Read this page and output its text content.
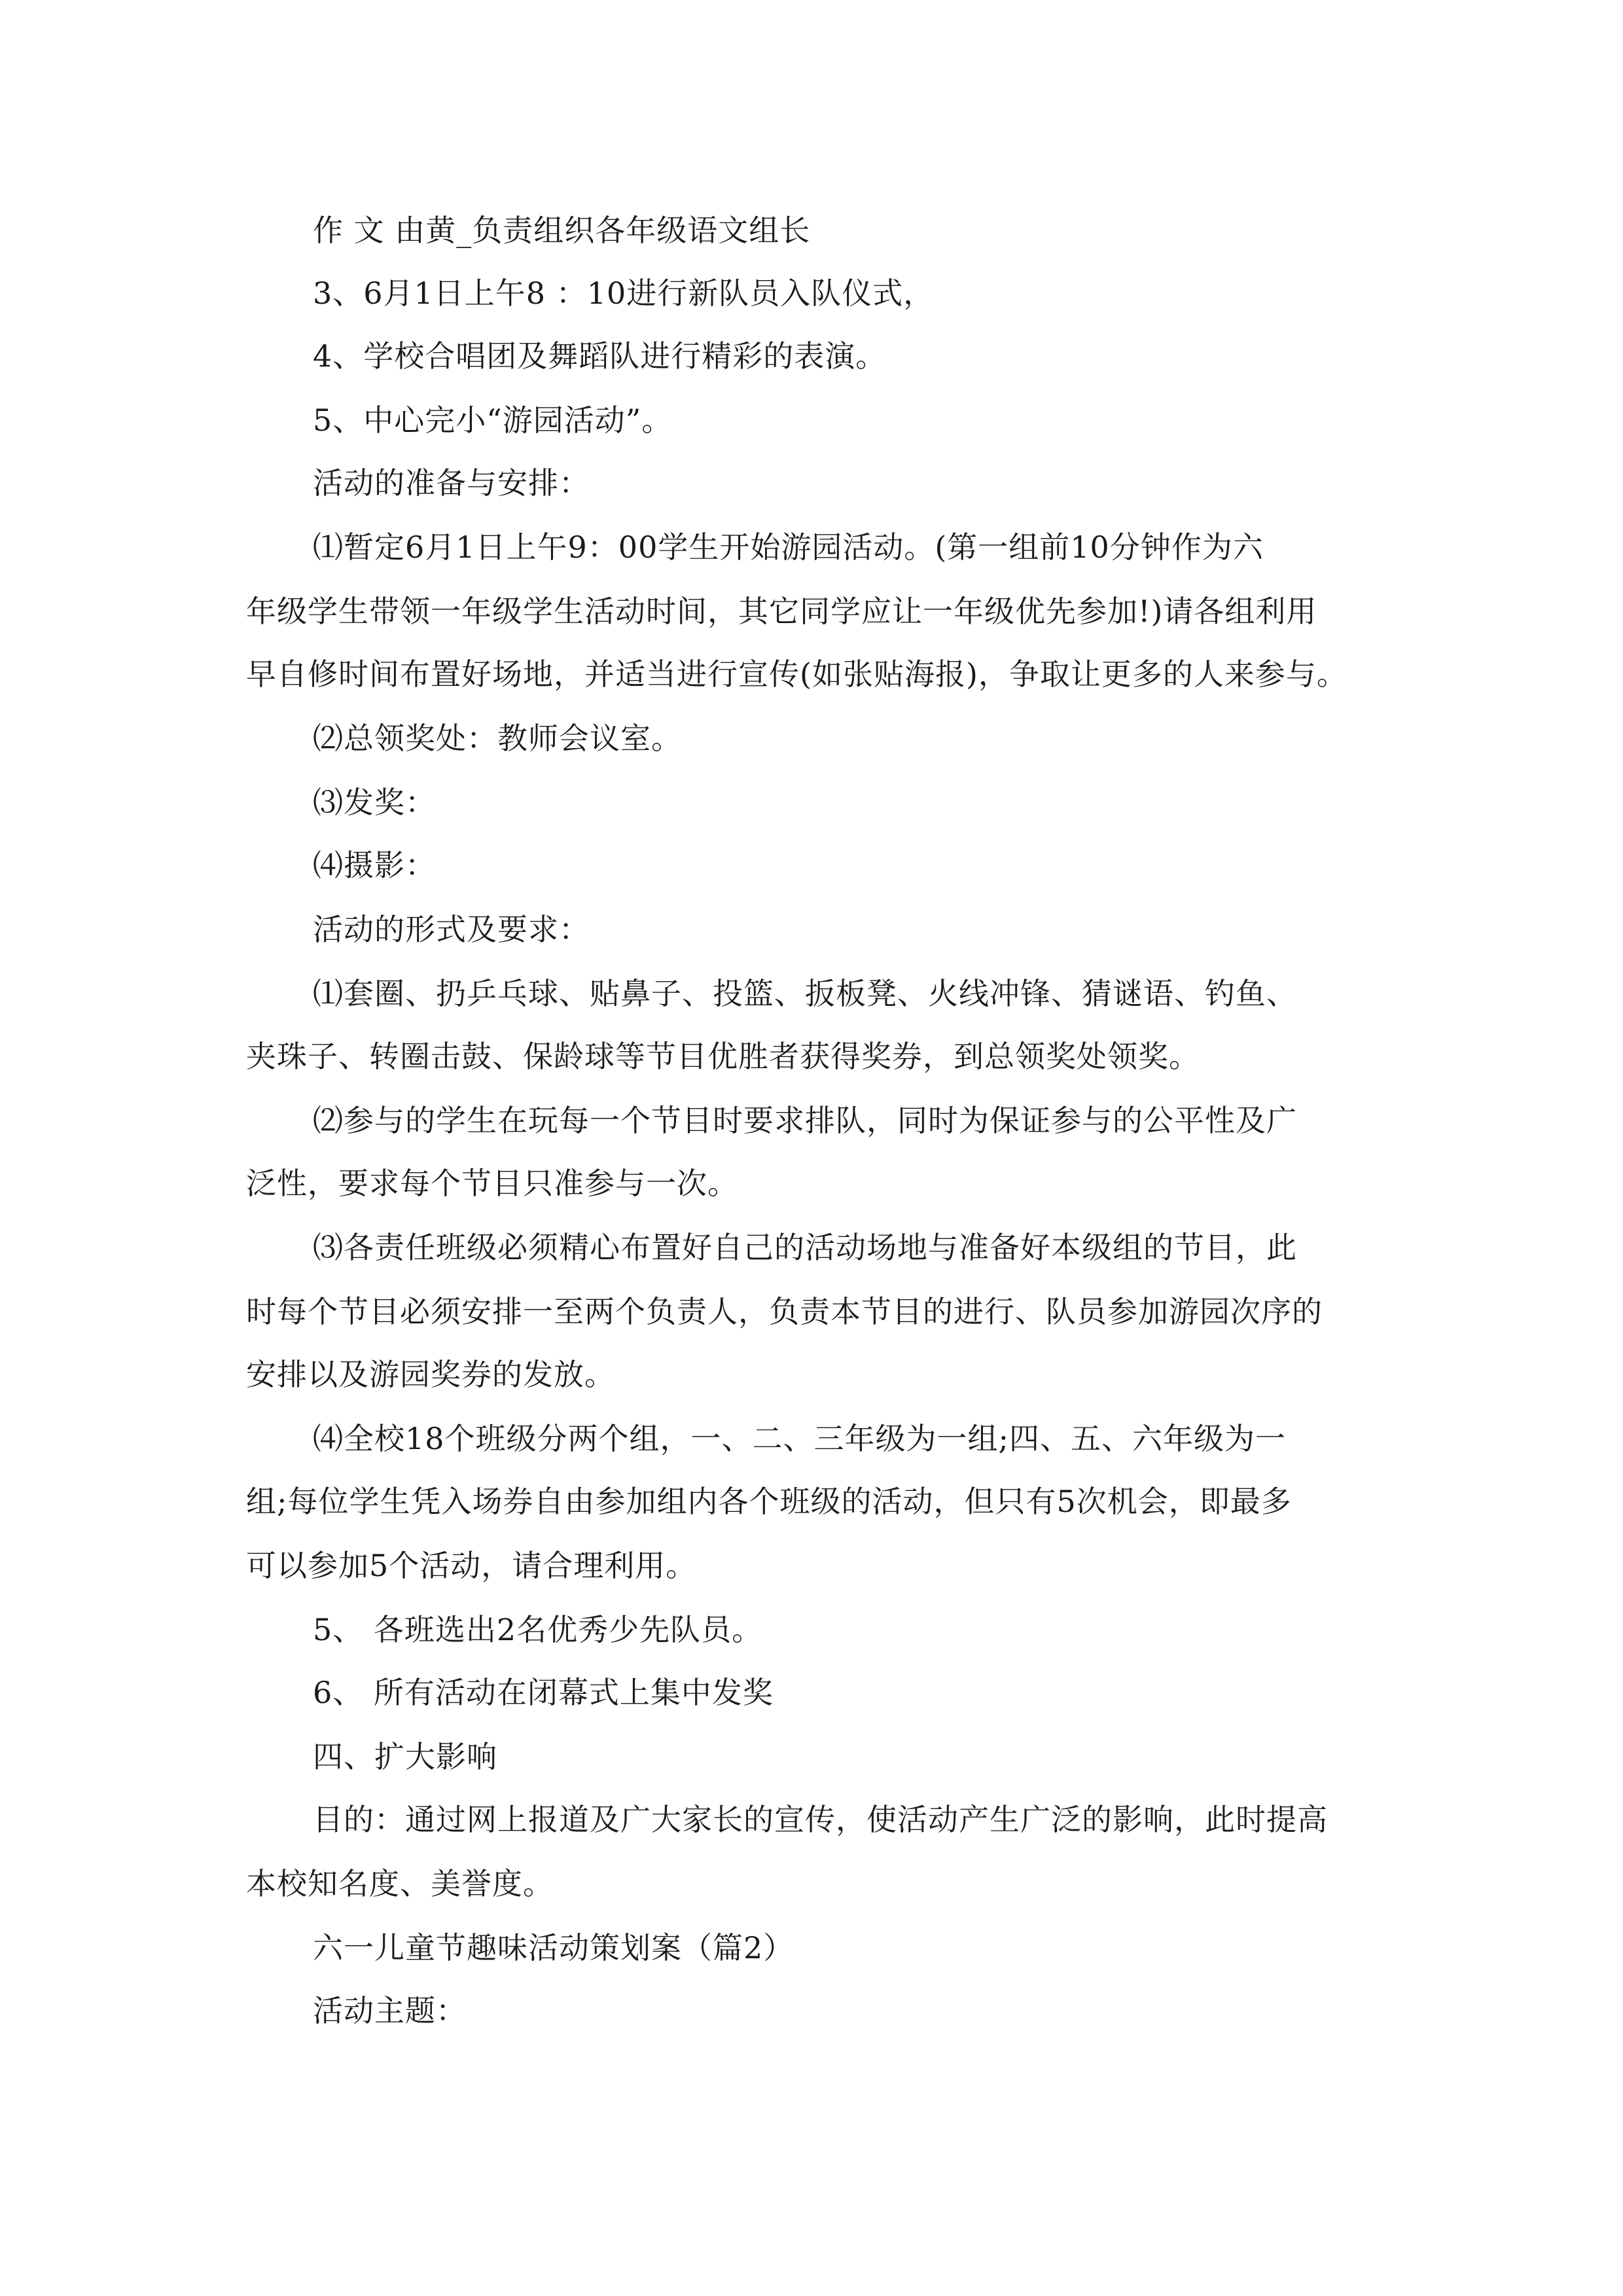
作 文 由黄_负责组织各年级语文组长
3、6月1日上午8 ：10进行新队员入队仪式，
4、学校合唱团及舞蹈队进行精彩的表演。
5、中心完小“游园活动”。
活动的准备与安排：
⑴暂定6月1日上午9：00学生开始游园活动。(第一组前10分钟作为六
年级学生带领一年级学生活动时间，其它同学应让一年级优先参加!)请各组利用
早自修时间布置好场地，并适当进行宣传(如张贴海报)，争取让更多的人来参与。
⑵总领奖处：教师会议室。
⑶发奖：
⑷摄影：
活动的形式及要求：
⑴套圈、扔乒乓球、贴鼻子、投篮、扳板凳、火线冲锋、猜谜语、钓鱼、
夹珠子、转圈击鼓、保龄球等节目优胜者获得奖券，到总领奖处领奖。
⑵参与的学生在玩每一个节目时要求排队，同时为保证参与的公平性及广
泛性，要求每个节目只准参与一次。
⑶各责任班级必须精心布置好自己的活动场地与准备好本级组的节目，此
时每个节目必须安排一至两个负责人，负责本节目的进行、队员参加游园次序的
安排以及游园奖券的发放。
⑷全校18个班级分两个组，一、二、三年级为一组;四、五、六年级为一
组;每位学生凭入场券自由参加组内各个班级的活动，但只有5次机会，即最多
可以参加5个活动，请合理利用。
5、 各班选出2名优秀少先队员。
6、 所有活动在闭幕式上集中发奖
四、扩大影响
目的：通过网上报道及广大家长的宣传，使活动产生广泛的影响，此时提高
本校知名度、美誉度。
六一儿童节趣味活动策划案（篇2）
活动主题：
